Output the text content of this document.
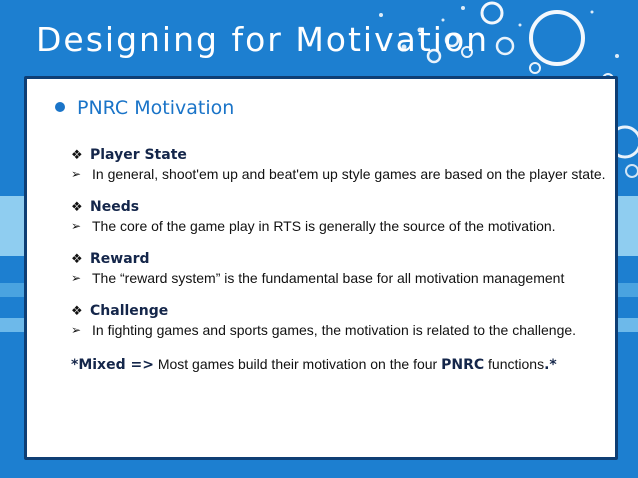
Designing for Motivation
PNRC Motivation
❖ Player State
➢ In general, shoot'em up and beat'em up style games are based on the player state.
❖ Needs
➢ The core of the game play in RTS is generally the source of the motivation.
❖ Reward
➢ The “reward system” is the fundamental base for all motivation management
❖ Challenge
➢ In fighting games and sports games, the motivation is related to the challenge.
*Mixed => Most games build their motivation on the four PNRC functions.*
